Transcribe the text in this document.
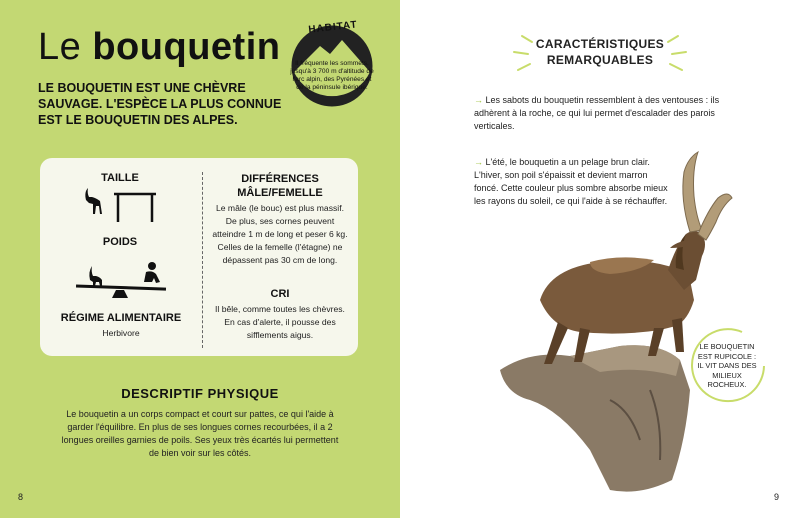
Le bouquetin	HABITAT
Il fréquente les sommets, jusqu'à 3 700 m d'altitude de l'arc alpin, des Pyrénées et de la péninsule ibérique.
LE BOUQUETIN EST UNE CHÈVRE SAUVAGE. L'ESPÈCE LA PLUS CONNUE EST LE BOUQUETIN DES ALPES.
TAILLE
POIDS
RÉGIME ALIMENTAIRE
Herbivore
DIFFÉRENCES
MÂLE/FEMELLE
Le mâle (le bouc) est plus massif. De plus, ses cornes peuvent atteindre 1 m de long et peser 6 kg. Celles de la femelle (l'étagne) ne dépassent pas 30 cm de long.
CRI
Il bêle, comme toutes les chèvres. En cas d'alerte, il pousse des sifflements aigus.
DESCRIPTIF PHYSIQUE
Le bouquetin a un corps compact et court sur pattes, ce qui l'aide à garder l'équilibre. En plus de ses longues cornes recourbées, il a 2 longues oreilles garnies de poils. Ses yeux très écartés lui permettent de bien voir sur les côtés.
8
CARACTÉRISTIQUES
REMARQUABLES
→ Les sabots du bouquetin ressemblent à des ventouses : ils adhèrent à la roche, ce qui lui permet d'escalader des parois verticales.
→ L'été, le bouquetin a un pelage brun clair. L'hiver, son poil s'épaissit et devient marron foncé. Cette couleur plus sombre absorbe mieux les rayons du soleil, ce qui l'aide à se réchauffer.
LE BOUQUETIN EST RUPICOLE : IL VIT DANS DES MILIEUX ROCHEUX.
9
